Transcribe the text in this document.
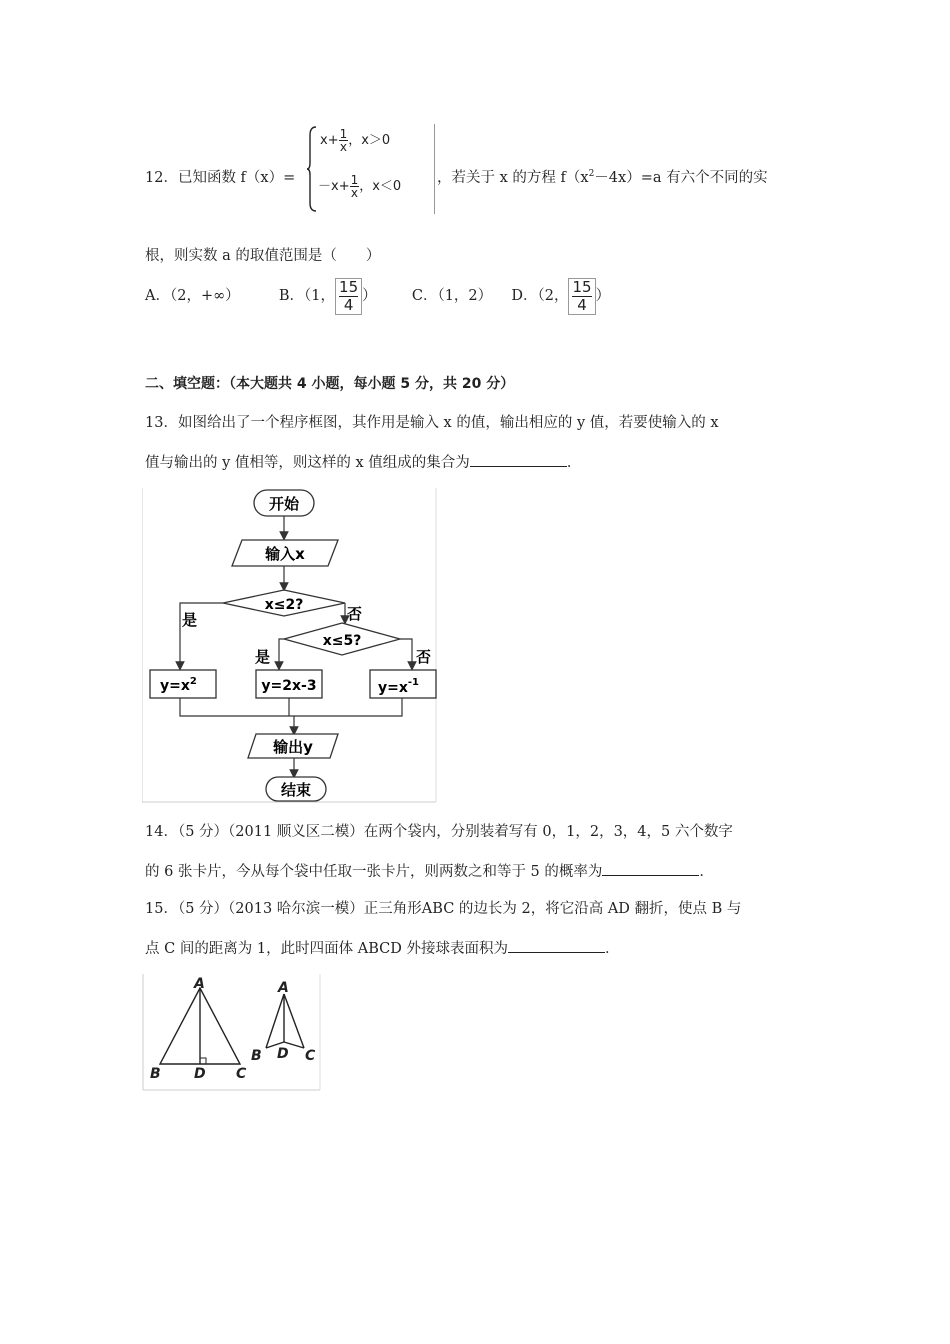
12．已知函数 f（x）=
$x+ \frac{1}{x}$，x＞0
$-x+ \frac{1}{x}$，x＜0
，若关于 x 的方程 $f(x^2-4x)=a$ 有六个不同的实
根，则实数 a 的取值范围是（　　）
A．（2，+∞）	B．（1， $\frac{15}{4}$） C．（1，2） D．（2， $\frac{15}{4}$）
二、填空题：（本大题共 4 小题，每小题 5 分，共 20 分）
13．如图给出了一个程序框图，其作用是输入 x 的值，输出相应的 y 值，若要使输入的 x
值与输出的 y 值相等，则这样的 x 值组成的集合为	．
开始
输入x
x≤2?
是	否
x≤5?
是	否
$y=x^2$	y=2x-3	$y=x^{-1}$
输出y
结束
14．（5 分）（2011 顺义区二模）在两个袋内，分别装着写有 0，1，2，3，4，5 六个数字
的 6 张卡片，今从每个袋中任取一张卡片，则两数之和等于 5 的概率为	．
15．（5 分）（2013 哈尔滨一模）正三角形ABC 的边长为 2，将它沿高 AD 翻折，使点 B 与
点 C 间的距离为 1，此时四面体 ABCD 外接球表面积为	．
A
B D C
A
B D C
